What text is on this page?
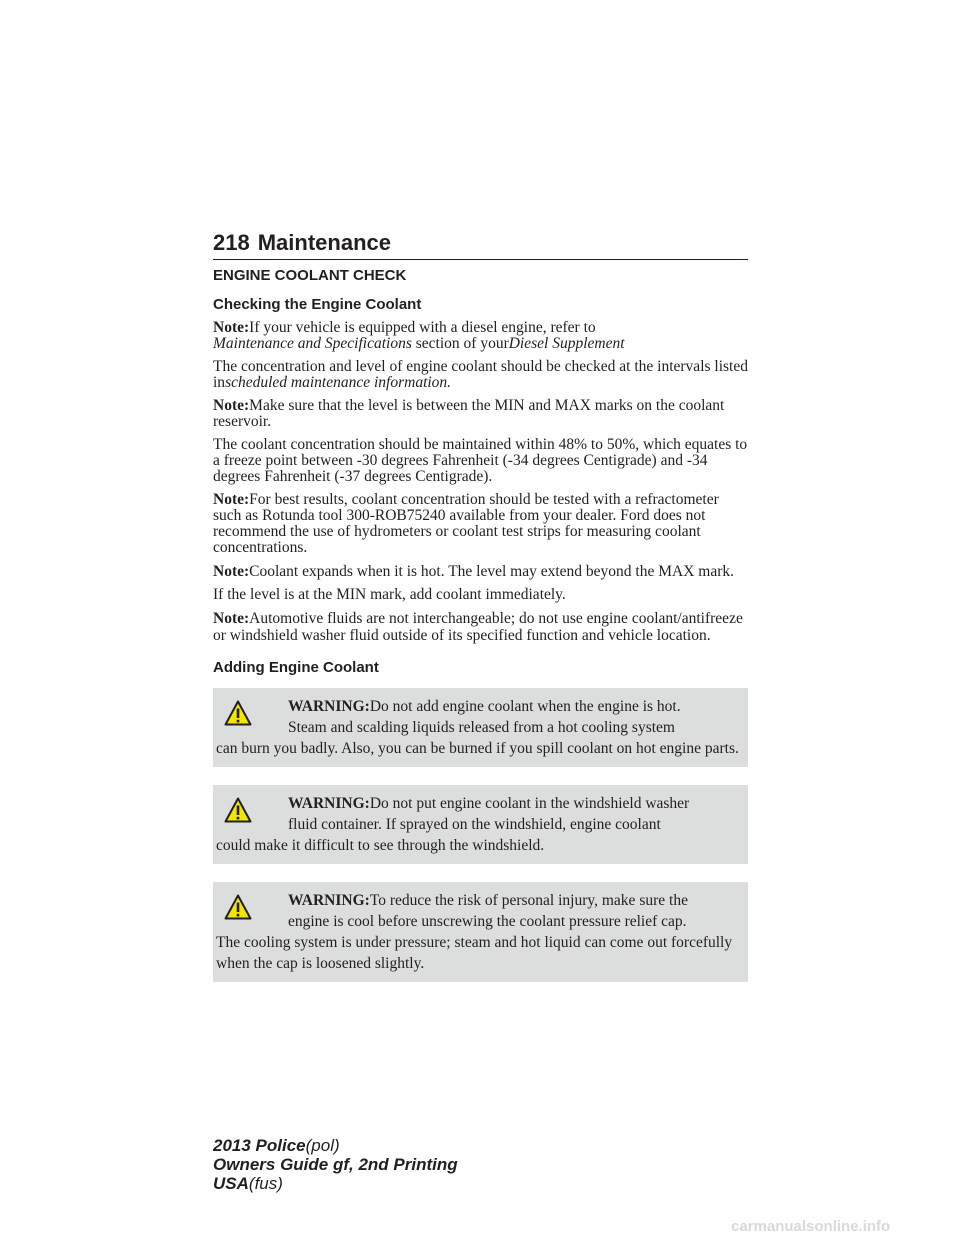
218 Maintenance
ENGINE COOLANT CHECK
Checking the Engine Coolant

Note:If your vehicle is equipped with a diesel engine, refer to
Maintenance and Specifications section of yourDiesel Supplement

The concentration and level of engine coolant should be checked at the intervals listed inscheduled maintenance information.

Note:Make sure that the level is between the MIN and MAX marks on the coolant reservoir.

The coolant concentration should be maintained within 48% to 50%, which equates to a freeze point between -30 degrees Fahrenheit (-34 degrees Centigrade) and -34 degrees Fahrenheit (-37 degrees Centigrade).

Note:For best results, coolant concentration should be tested with a refractometer such as Rotunda tool 300-ROB75240 available from your dealer. Ford does not recommend the use of hydrometers or coolant test strips for measuring coolant concentrations.

Note:Coolant expands when it is hot. The level may extend beyond the MAX mark.

If the level is at the MIN mark, add coolant immediately.

Note:Automotive fluids are not interchangeable; do not use engine coolant/antifreeze or windshield washer fluid outside of its specified function and vehicle location.

Adding Engine Coolant
WARNING:Do not add engine coolant when the engine is hot.
Steam and scalding liquids released from a hot cooling system
can burn you badly. Also, you can be burned if you spill coolant on hot engine parts.
WARNING:Do not put engine coolant in the windshield washer
fluid container. If sprayed on the windshield, engine coolant
could make it difficult to see through the windshield.
WARNING:To reduce the risk of personal injury, make sure the
engine is cool before unscrewing the coolant pressure relief cap.
The cooling system is under pressure; steam and hot liquid can come out forcefully when the cap is loosened slightly.
2013 Police(pol)
Owners Guide gf, 2nd Printing
USA(fus)
carmanualsonline.info
